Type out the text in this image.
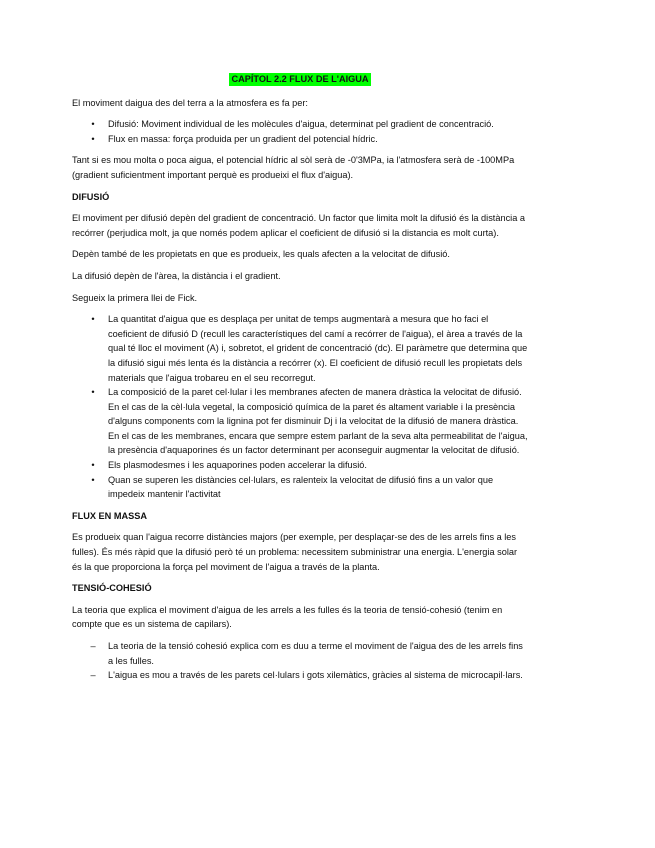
CAPÍTOL 2.2 FLUX DE L'AIGUA

El moviment daigua des del terra a la atmosfera es fa per:

•	Difusió: Moviment individual de les molècules d'aigua, determinat pel gradient de concentració.
•	Flux en massa: força produida per un gradient del potencial hídric.

Tant si es mou molta o poca aigua, el potencial hídric al sòl serà de -0'3MPa, ia l'atmosfera serà de -100MPa (gradient suficientment important perquè es produeixi el flux d'aigua).

DIFUSIÓ

El moviment per difusió depèn del gradient de concentració. Un factor que limita molt la difusió és la distància a recórrer (perjudica molt, ja que només podem aplicar el coeficient de difusió si la distancia es molt curta).

Depèn també de les propietats en que es produeix, les quals afecten a la velocitat de difusió.

La difusió depèn de l'àrea, la distància i el gradient.

Segueix la primera llei de Fick.

•	La quantitat d'aigua que es desplaça per unitat de temps augmentarà a mesura que ho faci el coeficient de difusió D (recull les característiques del camí a recórrer de l'aigua), el àrea a través de la qual té lloc el moviment (A) i, sobretot, el grident de concentració (dc). El paràmetre que determina que la difusió sigui més lenta és la distància a recórrer (x). El coeficient de difusió recull les propietats dels materials que l'aigua trobareu en el seu recorregut.
•	La composició de la paret cel·lular i les membranes afecten de manera dràstica la velocitat de difusió. En el cas de la cèl·lula vegetal, la composició química de la paret és altament variable i la presència d'alguns components com la lignina pot fer disminuir Dj i la velocitat de la difusió de manera dràstica. En el cas de les membranes, encara que sempre estem parlant de la seva alta permeabilitat de l'aigua, la presència d'aquaporines és un factor determinant per aconseguir augmentar la velocitat de difusió.
•	Els plasmodesmes i les aquaporines poden accelerar la difusió.
•	Quan se superen les distàncies cel·lulars, es ralenteix la velocitat de difusió fins a un valor que impedeix mantenir l'activitat
FLUX EN MASSA

Es produeix quan l'aigua recorre distàncies majors (per exemple, per desplaçar-se des de les arrels fins a les fulles). És més ràpid que la difusió però té un problema: necessitem subministrar una energia. L'energia solar és la que proporciona la força pel moviment de l'aigua a través de la planta.

TENSIÓ-COHESIÓ

La teoria que explica el moviment d'aigua de les arrels a les fulles és la teoria de tensió-cohesió (tenim en compte que es un sistema de capilars).

–	La teoria de la tensió cohesió explica com es duu a terme el moviment de l'aigua des de les arrels fins a les fulles.
–	L'aigua es mou a través de les parets cel·lulars i gots xilemàtics, gràcies al sistema de microcapil·lars.
